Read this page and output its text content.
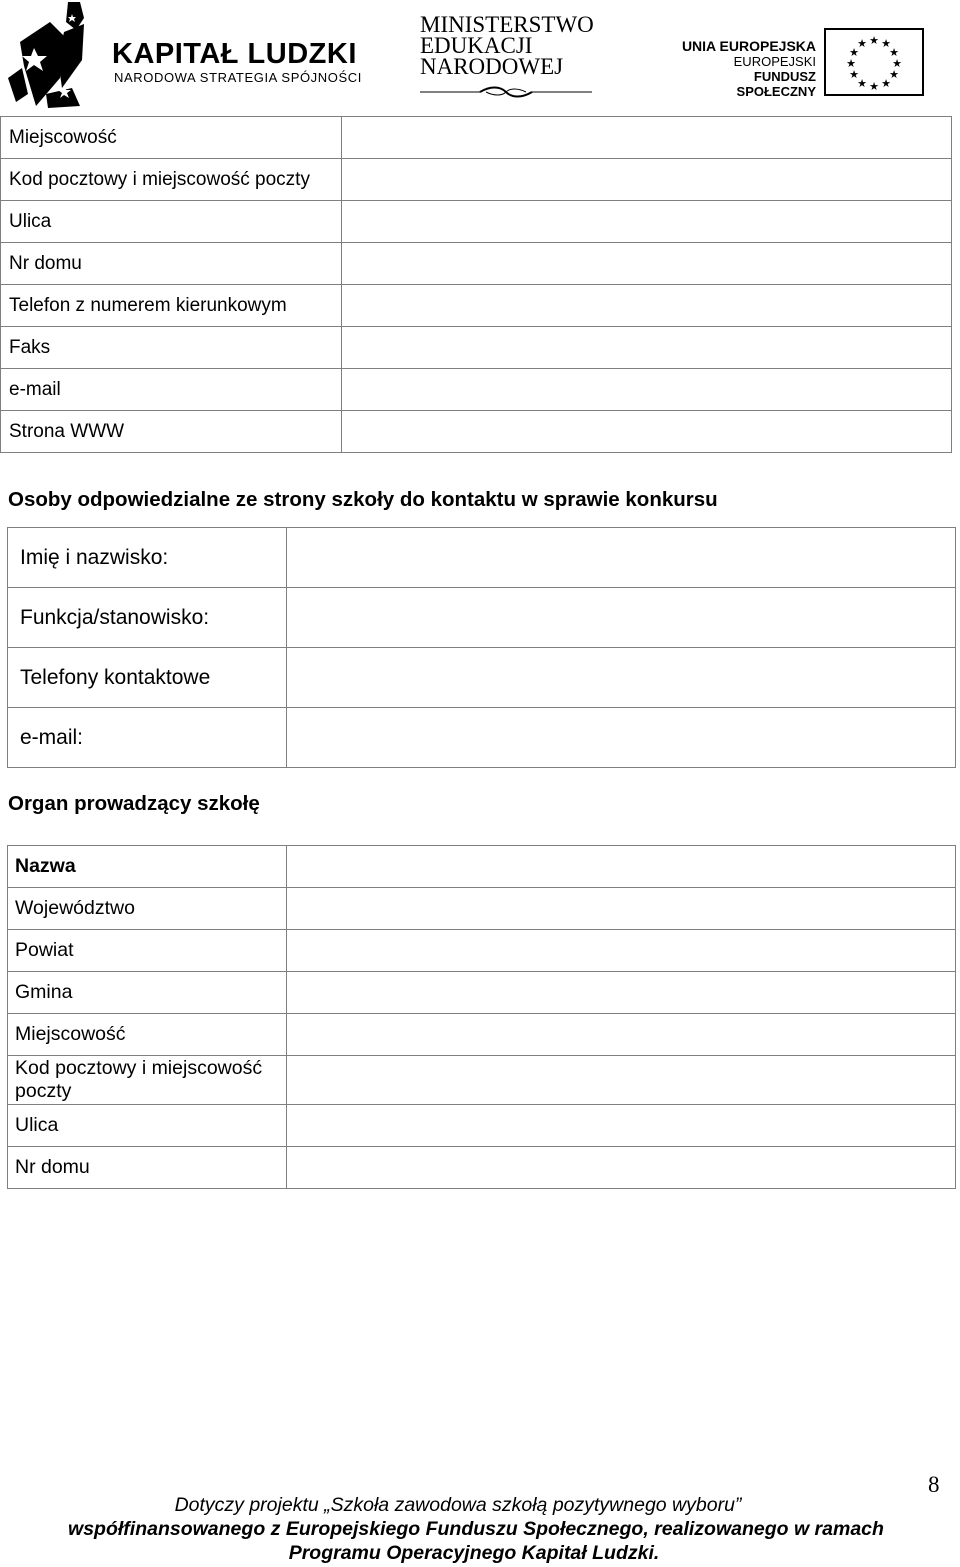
KAPITAŁ LUDZKI
NARODOWA STRATEGIA SPÓJNOŚCI
MINISTERSTWO
EDUKACJI
NARODOWEJ
UNIA EUROPEJSKA
EUROPEJSKI
FUNDUSZ SPOŁECZNY
★ ★
★
★
★
★
★
★
★
★
★
★
Miejscowość	
Kod pocztowy i miejscowość poczty	
Ulica	
Nr domu	
Telefon z numerem kierunkowym	
Faks	
e-mail	
Strona WWW	
Osoby odpowiedzialne ze strony szkoły do kontaktu w sprawie konkursu
Imię i nazwisko:	
Funkcja/stanowisko:	
Telefony kontaktowe	
e-mail:	
Organ prowadzący szkołę
Nazwa	
Województwo	
Powiat	
Gmina	
Miejscowość	
Kod pocztowy i miejscowość poczty	
Ulica	
Nr domu	
8
Dotyczy projektu „Szkoła zawodowa szkołą pozytywnego wyboru”
współfinansowanego z Europejskiego Funduszu Społecznego, realizowanego w ramach
Programu Operacyjnego Kapitał Ludzki.
